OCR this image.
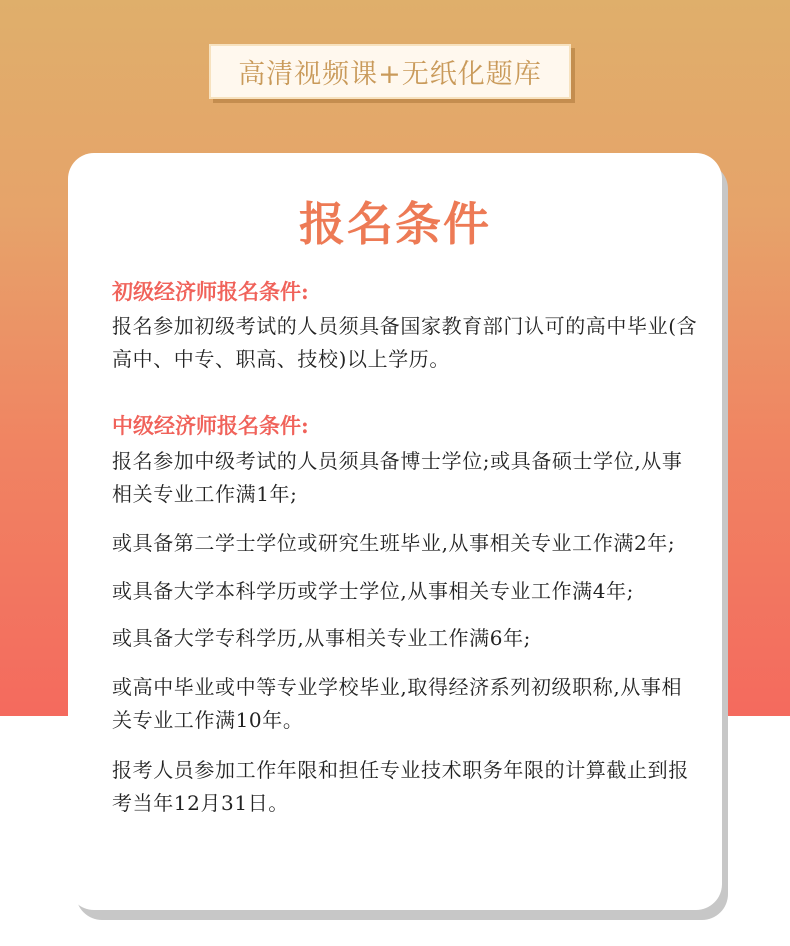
高清视频课+无纸化题库
报名条件
初级经济师报名条件:
报名参加初级考试的人员须具备国家教育部门认可的高中毕业(含高中、中专、职高、技校)以上学历。
中级经济师报名条件:
报名参加中级考试的人员须具备博士学位;或具备硕士学位,从事相关专业工作满1年;
或具备第二学士学位或研究生班毕业,从事相关专业工作满2年;
或具备大学本科学历或学士学位,从事相关专业工作满4年;
或具备大学专科学历,从事相关专业工作满6年;
或高中毕业或中等专业学校毕业,取得经济系列初级职称,从事相关专业工作满10年。
报考人员参加工作年限和担任专业技术职务年限的计算截止到报考当年12月31日。
